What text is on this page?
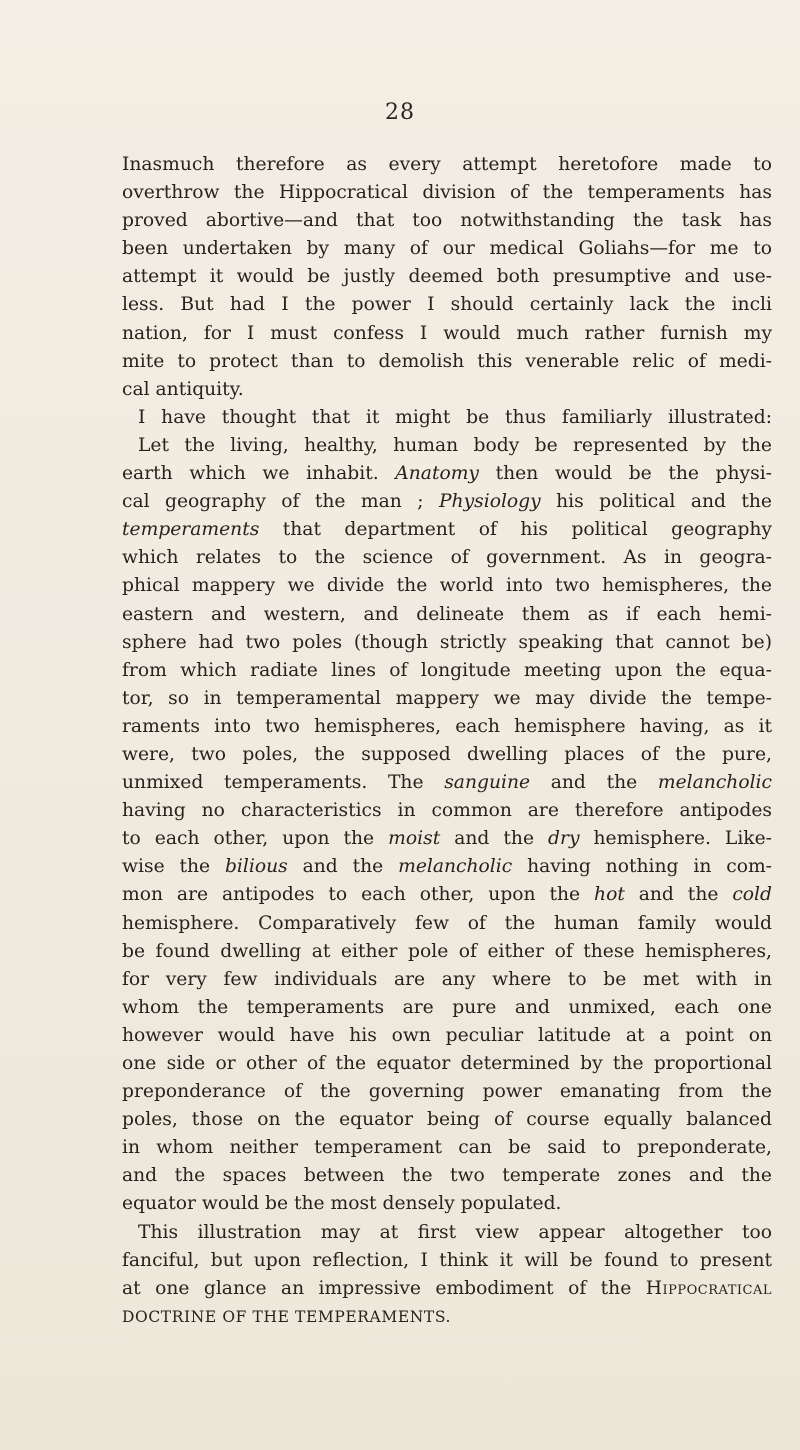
28
Inasmuch therefore as every attempt heretofore made to
overthrow the Hippocratical division of the temperaments has
proved abortive—and that too notwithstanding the task has
been undertaken by many of our medical Goliahs—for me to
attempt it would be justly deemed both presumptive and use-
less. But had I the power I should certainly lack the incli
nation, for I must confess I would much rather furnish my
mite to protect than to demolish this venerable relic of medi-
cal antiquity.
I have thought that it might be thus familiarly illustrated:
Let the living, healthy, human body be represented by the
earth which we inhabit. Anatomy then would be the physi-
cal geography of the man ; Physiology his political and the
temperaments that department of his political geography
which relates to the science of government. As in geogra-
phical mappery we divide the world into two hemispheres, the
eastern and western, and delineate them as if each hemi-
sphere had two poles (though strictly speaking that cannot be)
from which radiate lines of longitude meeting upon the equa-
tor, so in temperamental mappery we may divide the tempe-
raments into two hemispheres, each hemisphere having, as it
were, two poles, the supposed dwelling places of the pure,
unmixed temperaments. The sanguine and the melancholic
having no characteristics in common are therefore antipodes
to each other, upon the moist and the dry hemisphere. Like-
wise the bilious and the melancholic having nothing in com-
mon are antipodes to each other, upon the hot and the cold
hemisphere. Comparatively few of the human family would
be found dwelling at either pole of either of these hemispheres,
for very few individuals are any where to be met with in
whom the temperaments are pure and unmixed, each one
however would have his own peculiar latitude at a point on
one side or other of the equator determined by the proportional
preponderance of the governing power emanating from the
poles, those on the equator being of course equally balanced
in whom neither temperament can be said to preponderate,
and the spaces between the two temperate zones and the
equator would be the most densely populated.
This illustration may at first view appear altogether too
fanciful, but upon reflection, I think it will be found to present
at one glance an impressive embodiment of the Hippocratical
DOCTRINE OF THE TEMPERAMENTS.
